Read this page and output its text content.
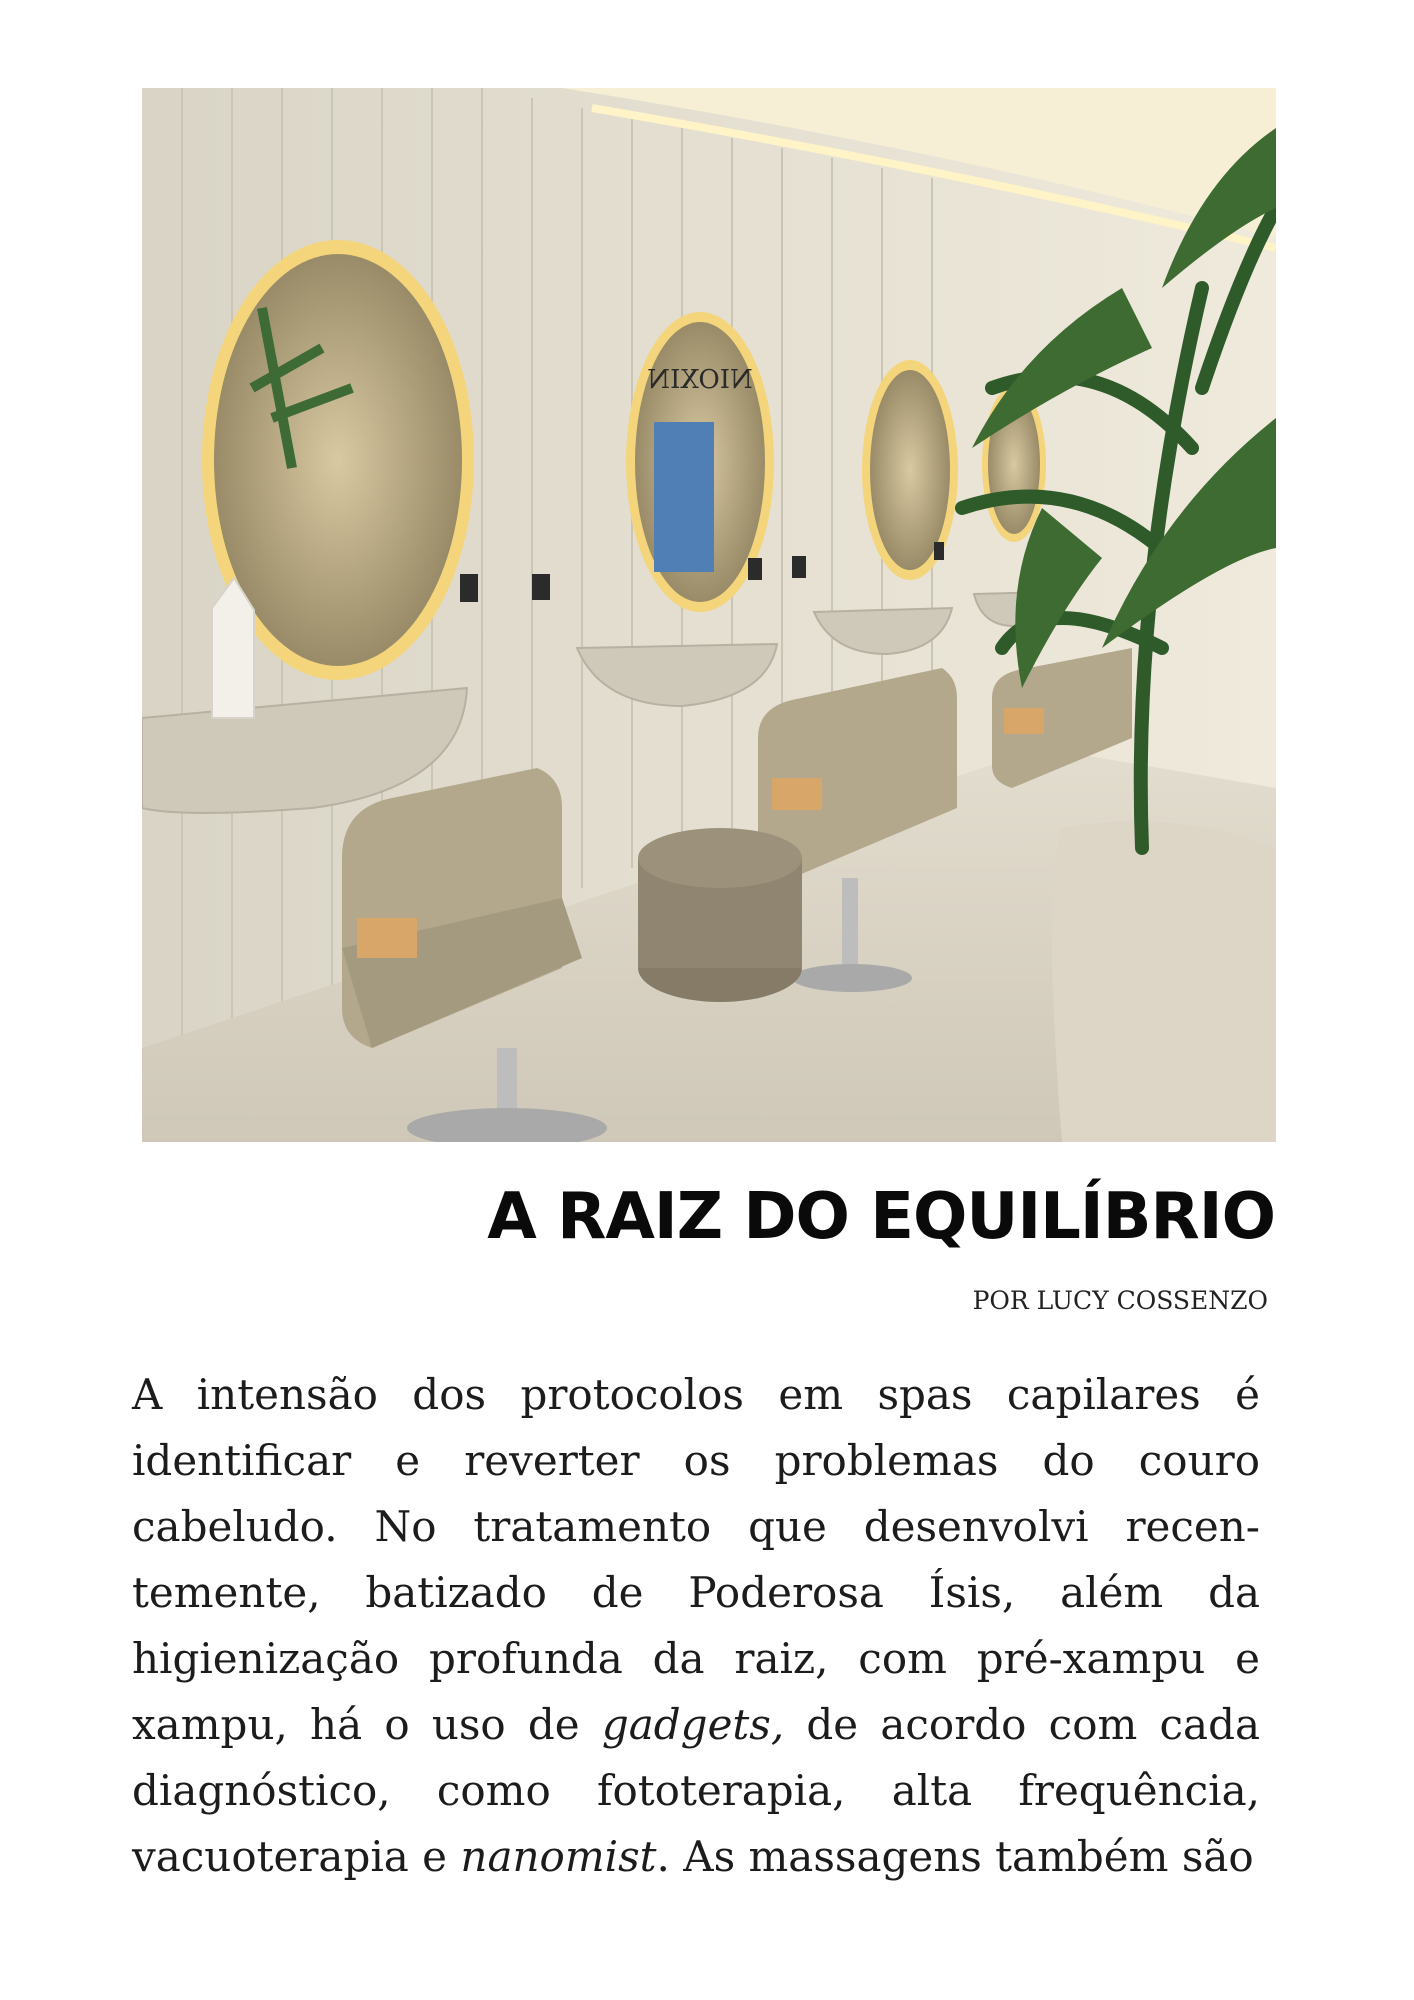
NIOXIN
A RAIZ DO EQUILÍBRIO
POR LUCY COSSENZO

A intensão dos protocolos em spas capilares é
identificar e reverter os problemas do couro
cabeludo. No tratamento que desenvolvi recen-
temente, batizado de Poderosa Ísis, além da
higienização profunda da raiz, com pré-xampu e
xampu, há o uso de gadgets, de acordo com cada
diagnóstico, como fototerapia, alta frequência,
vacuoterapia e nanomist. As massagens também são
